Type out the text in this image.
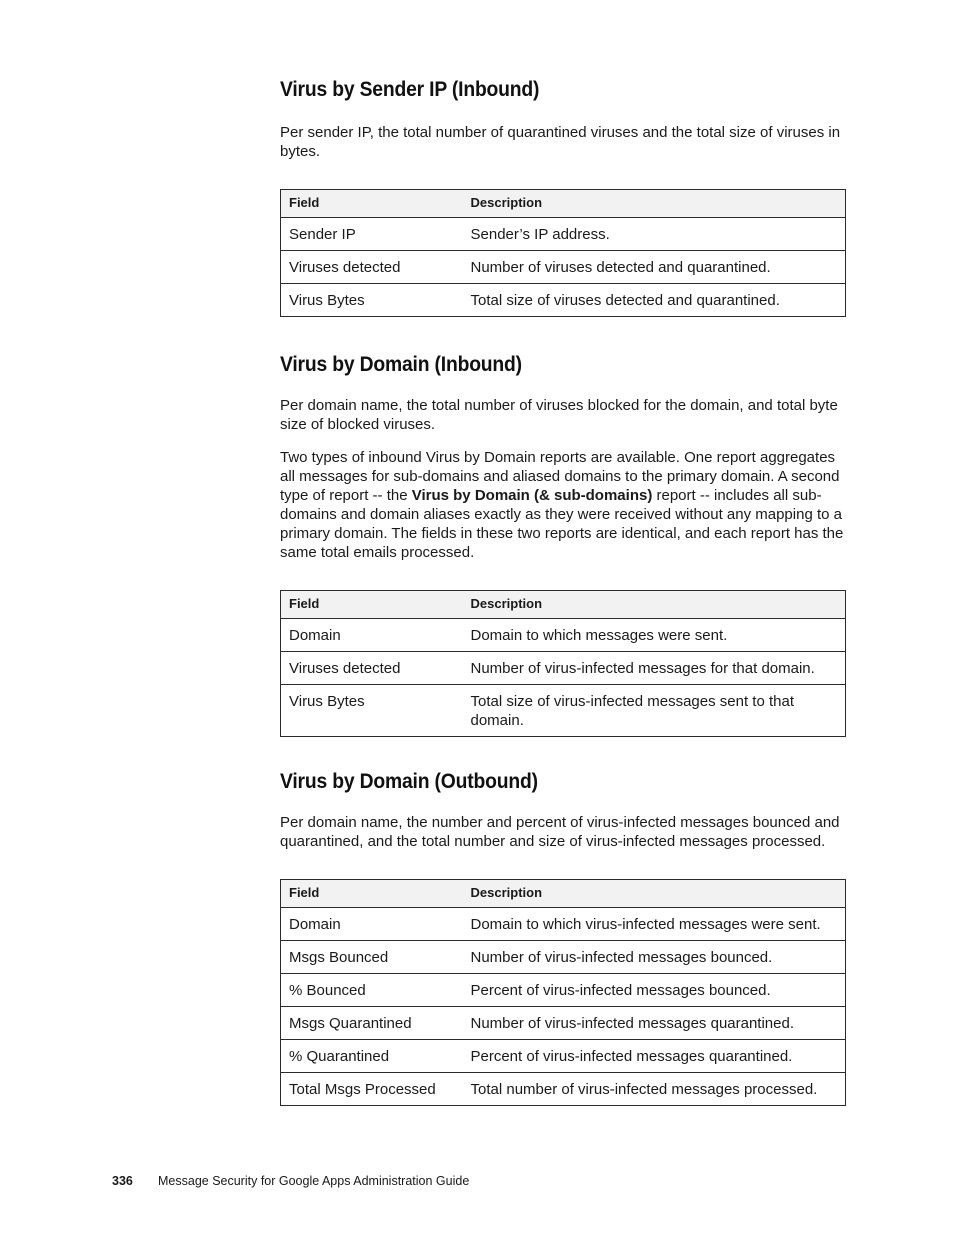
Virus by Sender IP (Inbound)

Per sender IP, the total number of quarantined viruses and the total size of viruses in bytes.

Field	Description
Sender IP	Sender’s IP address.
Viruses detected	Number of viruses detected and quarantined.
Virus Bytes	Total size of viruses detected and quarantined.
Virus by Domain (Inbound)

Per domain name, the total number of viruses blocked for the domain, and total byte size of blocked viruses.

Two types of inbound Virus by Domain reports are available. One report aggregates all messages for sub-domains and aliased domains to the primary domain. A second type of report -- the Virus by Domain (& sub-domains) report -- includes all sub-domains and domain aliases exactly as they were received without any mapping to a primary domain. The fields in these two reports are identical, and each report has the same total emails processed.

Field	Description
Domain	Domain to which messages were sent.
Viruses detected	Number of virus-infected messages for that domain.
Virus Bytes	Total size of virus-infected messages sent to that domain.
Virus by Domain (Outbound)

Per domain name, the number and percent of virus-infected messages bounced and quarantined, and the total number and size of virus-infected messages processed.

Field	Description
Domain	Domain to which virus-infected messages were sent.
Msgs Bounced	Number of virus-infected messages bounced.
% Bounced	Percent of virus-infected messages bounced.
Msgs Quarantined	Number of virus-infected messages quarantined.
% Quarantined	Percent of virus-infected messages quarantined.
Total Msgs Processed	Total number of virus-infected messages processed.
336 Message Security for Google Apps Administration Guide
